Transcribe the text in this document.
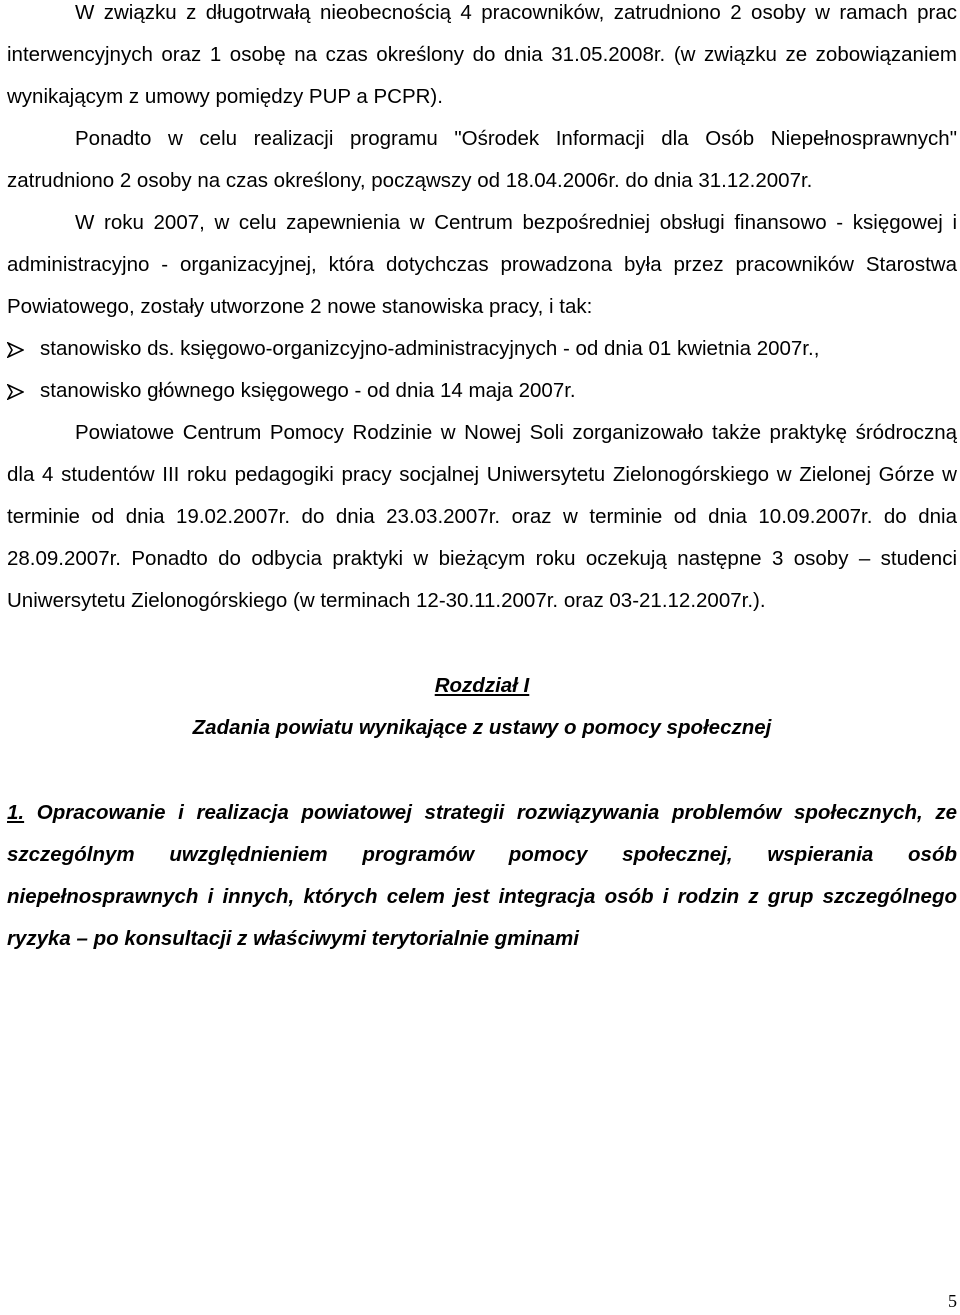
W związku z długotrwałą nieobecnością 4 pracowników, zatrudniono 2 osoby w ramach prac interwencyjnych oraz 1 osobę na czas określony do dnia 31.05.2008r. (w związku ze zobowiązaniem wynikającym z umowy pomiędzy PUP a PCPR).

Ponadto w celu realizacji programu "Ośrodek Informacji dla Osób Niepełnosprawnych" zatrudniono 2 osoby na czas określony, począwszy od 18.04.2006r. do dnia 31.12.2007r.

W roku 2007, w celu zapewnienia w Centrum bezpośredniej obsługi finansowo - księgowej i administracyjno - organizacyjnej, która dotychczas prowadzona była przez pracowników Starostwa Powiatowego, zostały utworzone 2 nowe stanowiska pracy, i tak:

stanowisko ds. księgowo-organizcyjno-administracyjnych - od dnia 01 kwietnia 2007r.,
stanowisko głównego księgowego - od dnia 14 maja 2007r.

Powiatowe Centrum Pomocy Rodzinie w Nowej Soli zorganizowało także praktykę śródroczną dla 4 studentów III roku pedagogiki pracy socjalnej Uniwersytetu Zielonogórskiego w Zielonej Górze w terminie od dnia 19.02.2007r. do dnia 23.03.2007r. oraz w terminie od dnia 10.09.2007r. do dnia 28.09.2007r. Ponadto do odbycia praktyki w bieżącym roku oczekują następne 3 osoby – studenci Uniwersytetu Zielonogórskiego (w terminach 12-30.11.2007r. oraz 03-21.12.2007r.).

Rozdział I

Zadania powiatu wynikające z ustawy o pomocy społecznej

1. Opracowanie i realizacja powiatowej strategii rozwiązywania problemów społecznych, ze szczególnym uwzględnieniem programów pomocy społecznej, wspierania osób niepełnosprawnych i innych, których celem jest integracja osób i rodzin z grup szczególnego ryzyka – po konsultacji z właściwymi terytorialnie gminami

5
